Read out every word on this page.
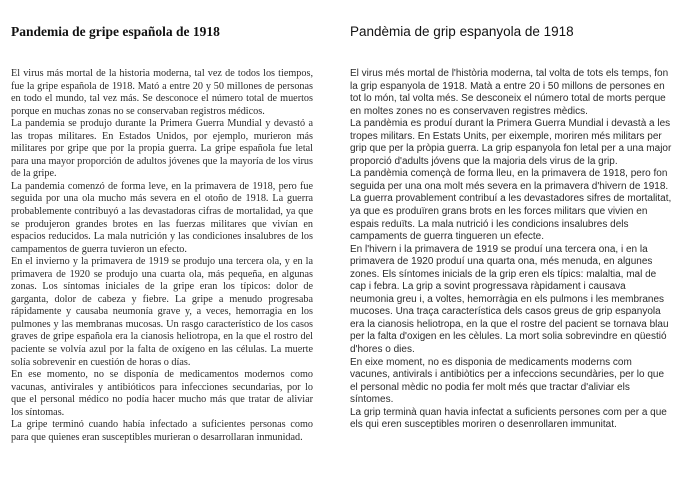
Pandemia de gripe española de 1918

El virus más mortal de la historia moderna, tal vez de todos los tiempos, fue la gripe española de 1918. Mató a entre 20 y 50 millones de personas en todo el mundo, tal vez más. Se desconoce el número total de muertos porque en muchas zonas no se conservaban registros médicos.

La pandemia se produjo durante la Primera Guerra Mundial y devastó a las tropas militares. En Estados Unidos, por ejemplo, murieron más militares por gripe que por la propia guerra. La gripe española fue letal para una mayor proporción de adultos jóvenes que la mayoría de los virus de la gripe.

La pandemia comenzó de forma leve, en la primavera de 1918, pero fue seguida por una ola mucho más severa en el otoño de 1918. La guerra probablemente contribuyó a las devastadoras cifras de mortalidad, ya que se produjeron grandes brotes en las fuerzas militares que vivían en espacios reducidos. La mala nutrición y las condiciones insalubres de los campamentos de guerra tuvieron un efecto.

En el invierno y la primavera de 1919 se produjo una tercera ola, y en la primavera de 1920 se produjo una cuarta ola, más pequeña, en algunas zonas. Los síntomas iniciales de la gripe eran los típicos: dolor de garganta, dolor de cabeza y fiebre. La gripe a menudo progresaba rápidamente y causaba neumonía grave y, a veces, hemorragia en los pulmones y las membranas mucosas. Un rasgo característico de los casos graves de gripe española era la cianosis heliotropa, en la que el rostro del paciente se volvía azul por la falta de oxígeno en las células. La muerte solía sobrevenir en cuestión de horas o días.

En ese momento, no se disponía de medicamentos modernos como vacunas, antivirales y antibióticos para infecciones secundarias, por lo que el personal médico no podía hacer mucho más que tratar de aliviar los síntomas.

La gripe terminó cuando había infectado a suficientes personas como para que quienes eran susceptibles murieran o desarrollaran inmunidad.

Pandèmia de grip espanyola de 1918

El virus més mortal de l'història moderna, tal volta de tots els temps, fon la grip espanyola de 1918. Matà a entre 20 i 50 millons de persones en tot lo món, tal volta més. Se desconeix el número total de morts perque en moltes zones no es conservaven registres mèdics.

La pandèmia es produí durant la Primera Guerra Mundial i devastà a les tropes militars. En Estats Units, per eixemple, moriren més militars per grip que per la pròpia guerra. La grip espanyola fon letal per a una major proporció d'adults jóvens que la majoria dels virus de la grip.

La pandèmia començà de forma lleu, en la primavera de 1918, pero fon seguida per una ona molt més severa en la primavera d'hivern de 1918. La guerra provablement contribuí a les devastadores sifres de mortalitat, ya que es produïren grans brots en les forces militars que vivien en espais reduïts. La mala nutrició i les condicions insalubres dels campaments de guerra tingueren un efecte.

En l'hivern i la primavera de 1919 se produí una tercera ona, i en la primavera de 1920 produí una quarta ona, més menuda, en algunes zones. Els síntomes inicials de la grip eren els típics: malaltia, mal de cap i febra. La grip a sovint progressava ràpidament i causava neumonia greu i, a voltes, hemorràgia en els pulmons i les membranes mucoses. Una traça característica dels casos greus de grip espanyola era la cianosis heliotropa, en la que el rostre del pacient se tornava blau per la falta d'oxigen en les cèlules. La mort solia sobrevindre en qüestió d'hores o dies.

En eixe moment, no es disponia de medicaments moderns com vacunes, antivirals i antibiòtics per a infeccions secundàries, per lo que el personal mèdic no podia fer molt més que tractar d'aliviar els síntomes.

La grip terminà quan havia infectat a suficients persones com per a que els qui eren susceptibles moriren o desenrollaren immunitat.
